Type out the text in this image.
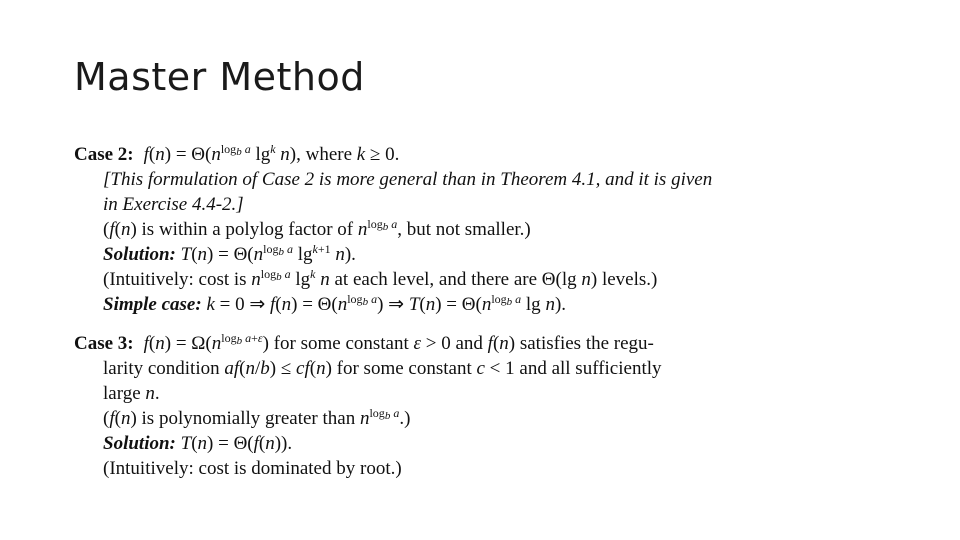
Master Method
Case 2: $f(n) = \Theta(n^{log_b a}$ $\lg^k n$), where k ≥ 0.
[This formulation of Case 2 is more general than in Theorem 4.1, and it is given
in Exercise 4.4-2.]
(f(n) is within a polylog factor of $n^{log_b a}$, but not smaller.)
Solution: $T(n) = \Theta(n^{log_b a}$ $\lg^{k+1} n$).
(Intuitively: cost is $n^{log_b a}$ $\lg^k n$ at each level, and there are Θ(lg n) levels.)
Simple case: k = 0 ⇒ $f(n) = \Theta(n^{log_b a})$ ⇒ $T(n) = \Theta(n^{log_b a}$ lg n).
Case 3: $f(n) = \Omega(n^{log_b a+\varepsilon})$ for some constant ε > 0 and f(n) satisfies the regu-
larity condition af(n/b) ≤ cf(n) for some constant c < 1 and all sufficiently
large n.
(f(n) is polynomially greater than $n^{log_b a}$.)
Solution: T(n) = Θ(f(n)).
(Intuitively: cost is dominated by root.)
